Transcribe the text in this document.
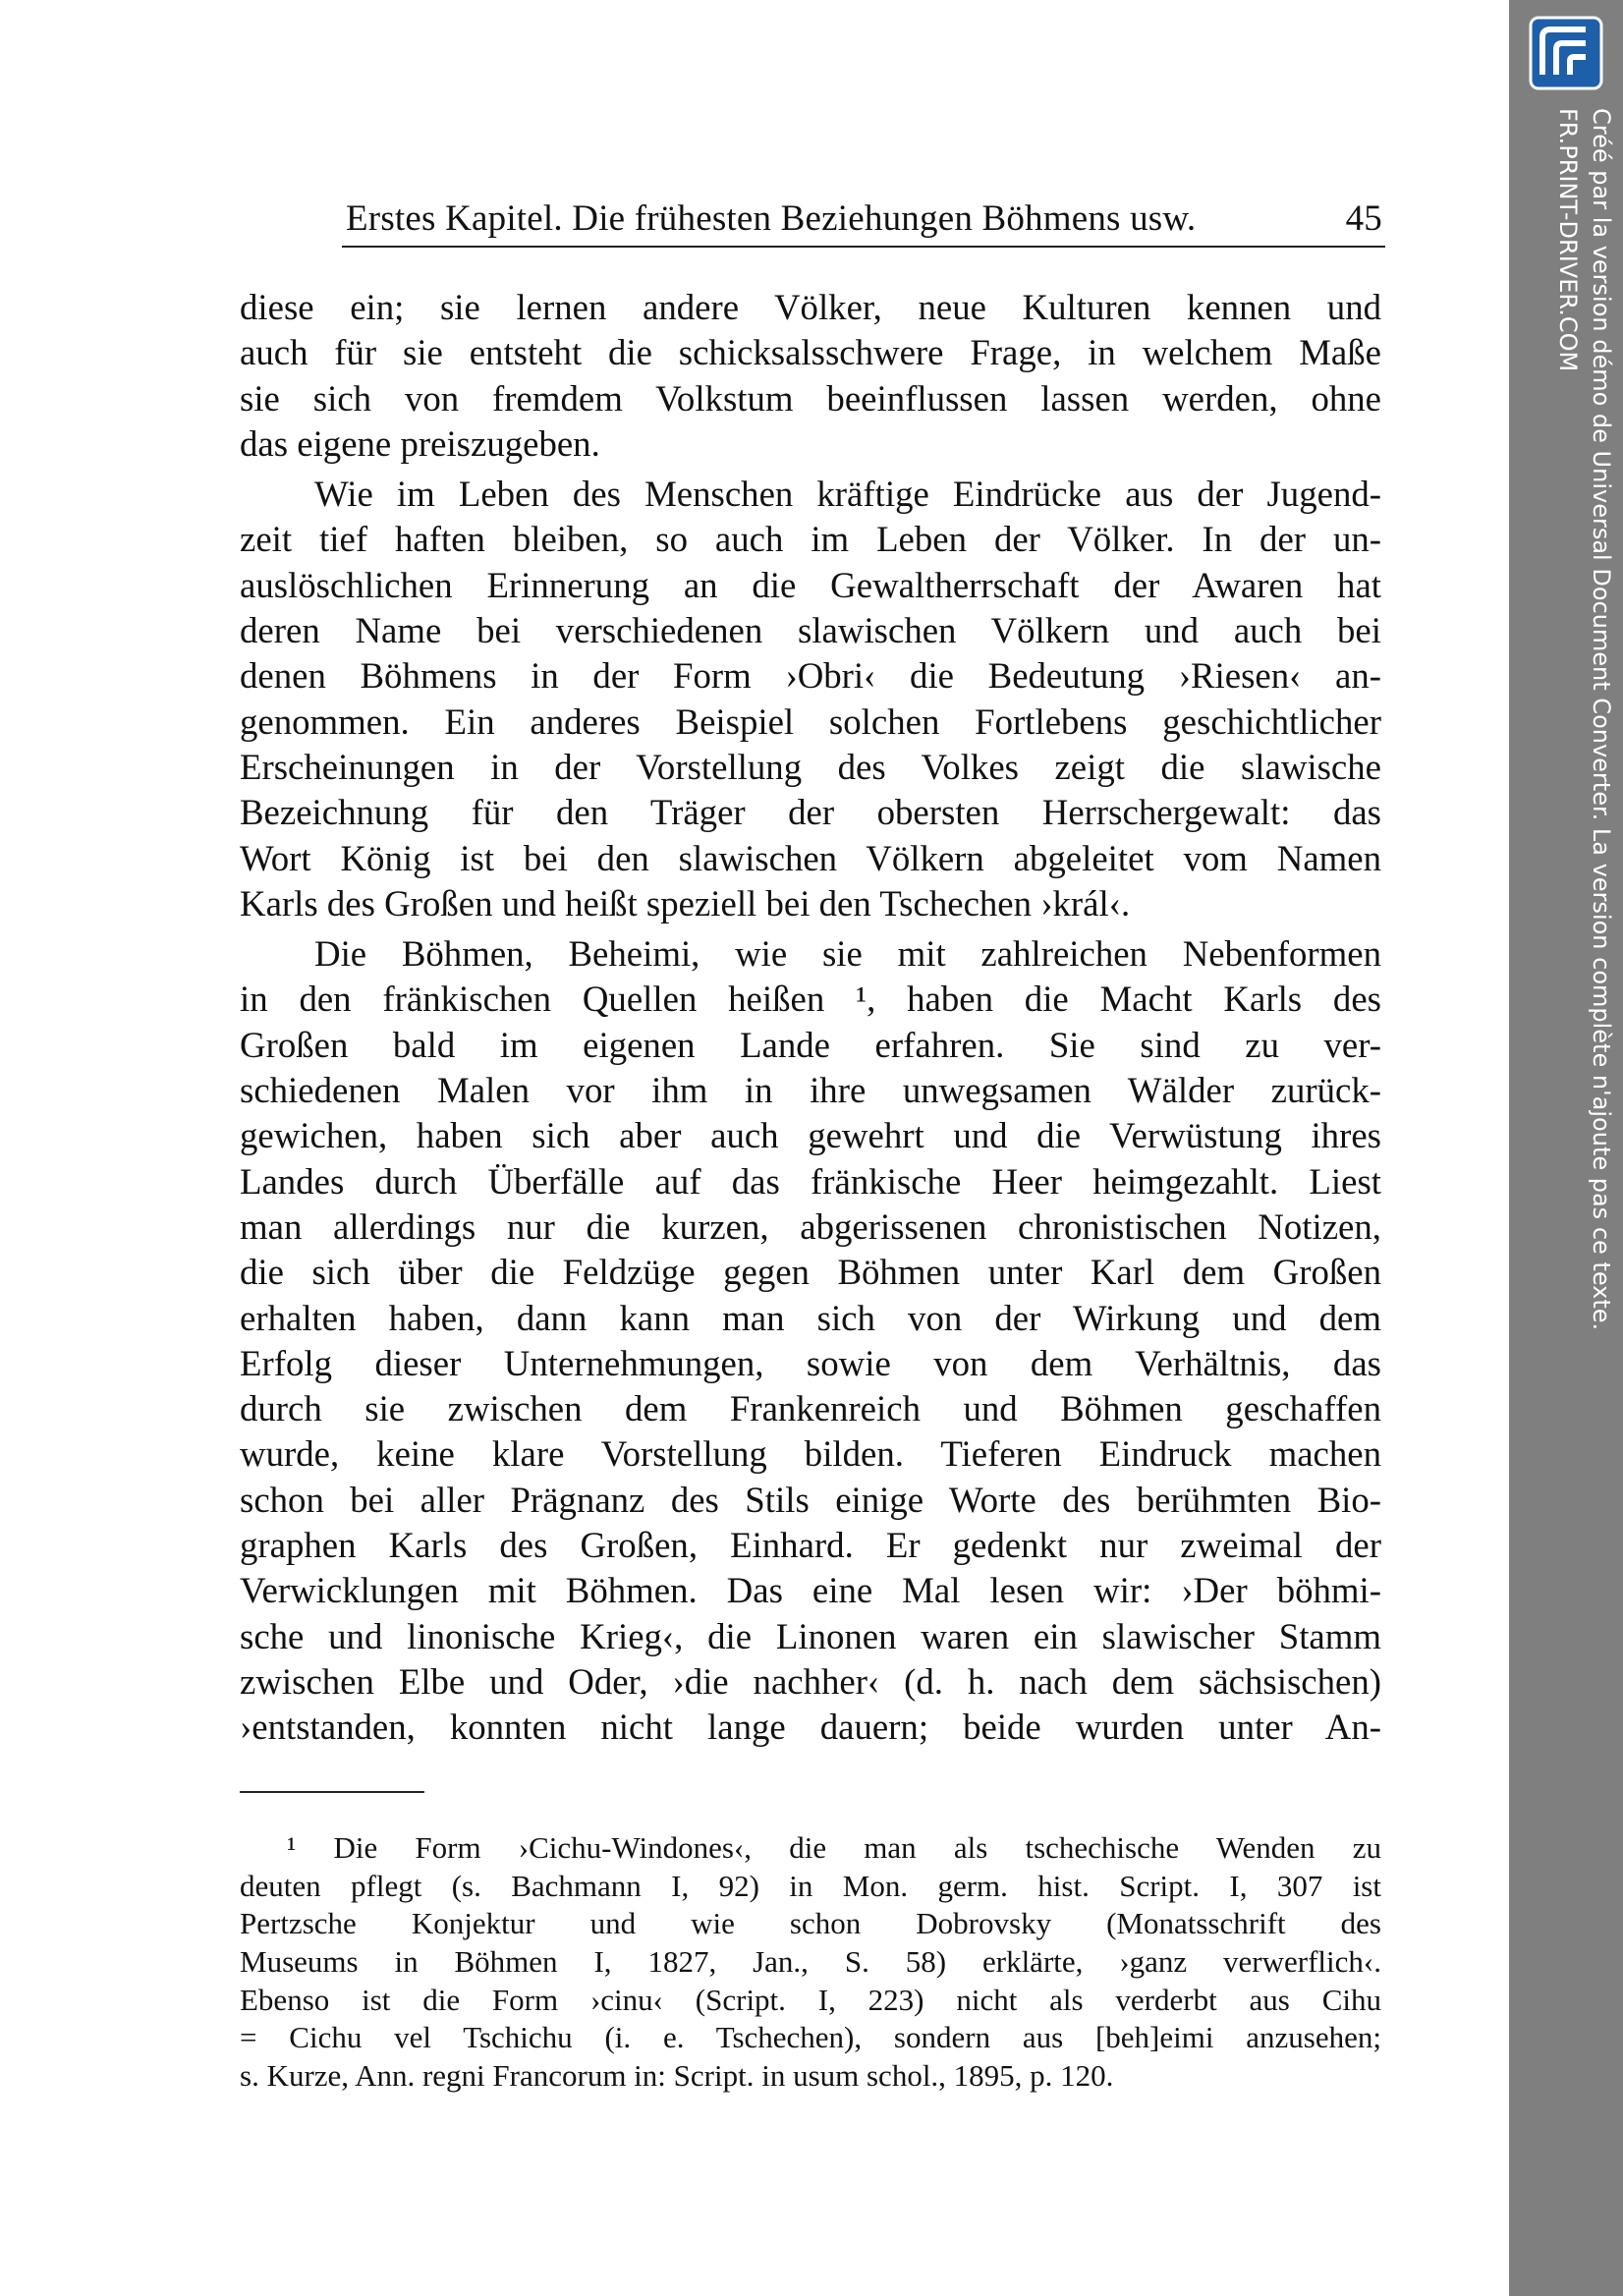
Erstes Kapitel. Die frühesten Beziehungen Böhmens usw.	45
diese ein; sie lernen andere Völker, neue Kulturen kennen und
auch für sie entsteht die schicksalsschwere Frage, in welchem Maße
sie sich von fremdem Volkstum beeinflussen lassen werden, ohne
das eigene preiszugeben.
Wie im Leben des Menschen kräftige Eindrücke aus der Jugend-
zeit tief haften bleiben, so auch im Leben der Völker. In der un-
auslöschlichen Erinnerung an die Gewaltherrschaft der Awaren hat
deren Name bei verschiedenen slawischen Völkern und auch bei
denen Böhmens in der Form ›Obri‹ die Bedeutung ›Riesen‹ an-
genommen. Ein anderes Beispiel solchen Fortlebens geschichtlicher
Erscheinungen in der Vorstellung des Volkes zeigt die slawische
Bezeichnung für den Träger der obersten Herrschergewalt: das
Wort König ist bei den slawischen Völkern abgeleitet vom Namen
Karls des Großen und heißt speziell bei den Tschechen ›král‹.
Die Böhmen, Beheimi, wie sie mit zahlreichen Nebenformen
in den fränkischen Quellen heißen ¹, haben die Macht Karls des
Großen bald im eigenen Lande erfahren. Sie sind zu ver-
schiedenen Malen vor ihm in ihre unwegsamen Wälder zurück-
gewichen, haben sich aber auch gewehrt und die Verwüstung ihres
Landes durch Überfälle auf das fränkische Heer heimgezahlt. Liest
man allerdings nur die kurzen, abgerissenen chronistischen Notizen,
die sich über die Feldzüge gegen Böhmen unter Karl dem Großen
erhalten haben, dann kann man sich von der Wirkung und dem
Erfolg dieser Unternehmungen, sowie von dem Verhältnis, das
durch sie zwischen dem Frankenreich und Böhmen geschaffen
wurde, keine klare Vorstellung bilden. Tieferen Eindruck machen
schon bei aller Prägnanz des Stils einige Worte des berühmten Bio-
graphen Karls des Großen, Einhard. Er gedenkt nur zweimal der
Verwicklungen mit Böhmen. Das eine Mal lesen wir: ›Der böhmi-
sche und linonische Krieg‹, die Linonen waren ein slawischer Stamm
zwischen Elbe und Oder, ›die nachher‹ (d. h. nach dem sächsischen)
›entstanden, konnten nicht lange dauern; beide wurden unter An-
¹ Die Form ›Cichu-Windones‹, die man als tschechische Wenden zu
deuten pflegt (s. Bachmann I, 92) in Mon. germ. hist. Script. I, 307 ist
Pertzsche Konjektur und wie schon Dobrovsky (Monatsschrift des
Museums in Böhmen I, 1827, Jan., S. 58) erklärte, ›ganz verwerflich‹.
Ebenso ist die Form ›cinu‹ (Script. I, 223) nicht als verderbt aus Cihu
= Cichu vel Tschichu (i. e. Tschechen), sondern aus [beh]eimi anzusehen;
s. Kurze, Ann. regni Francorum in: Script. in usum schol., 1895, p. 120.
Créé par la version démo de Universal Document Converter. La version complète n'ajoute pas ce texte.
FR.PRINT-DRIVER.COM
